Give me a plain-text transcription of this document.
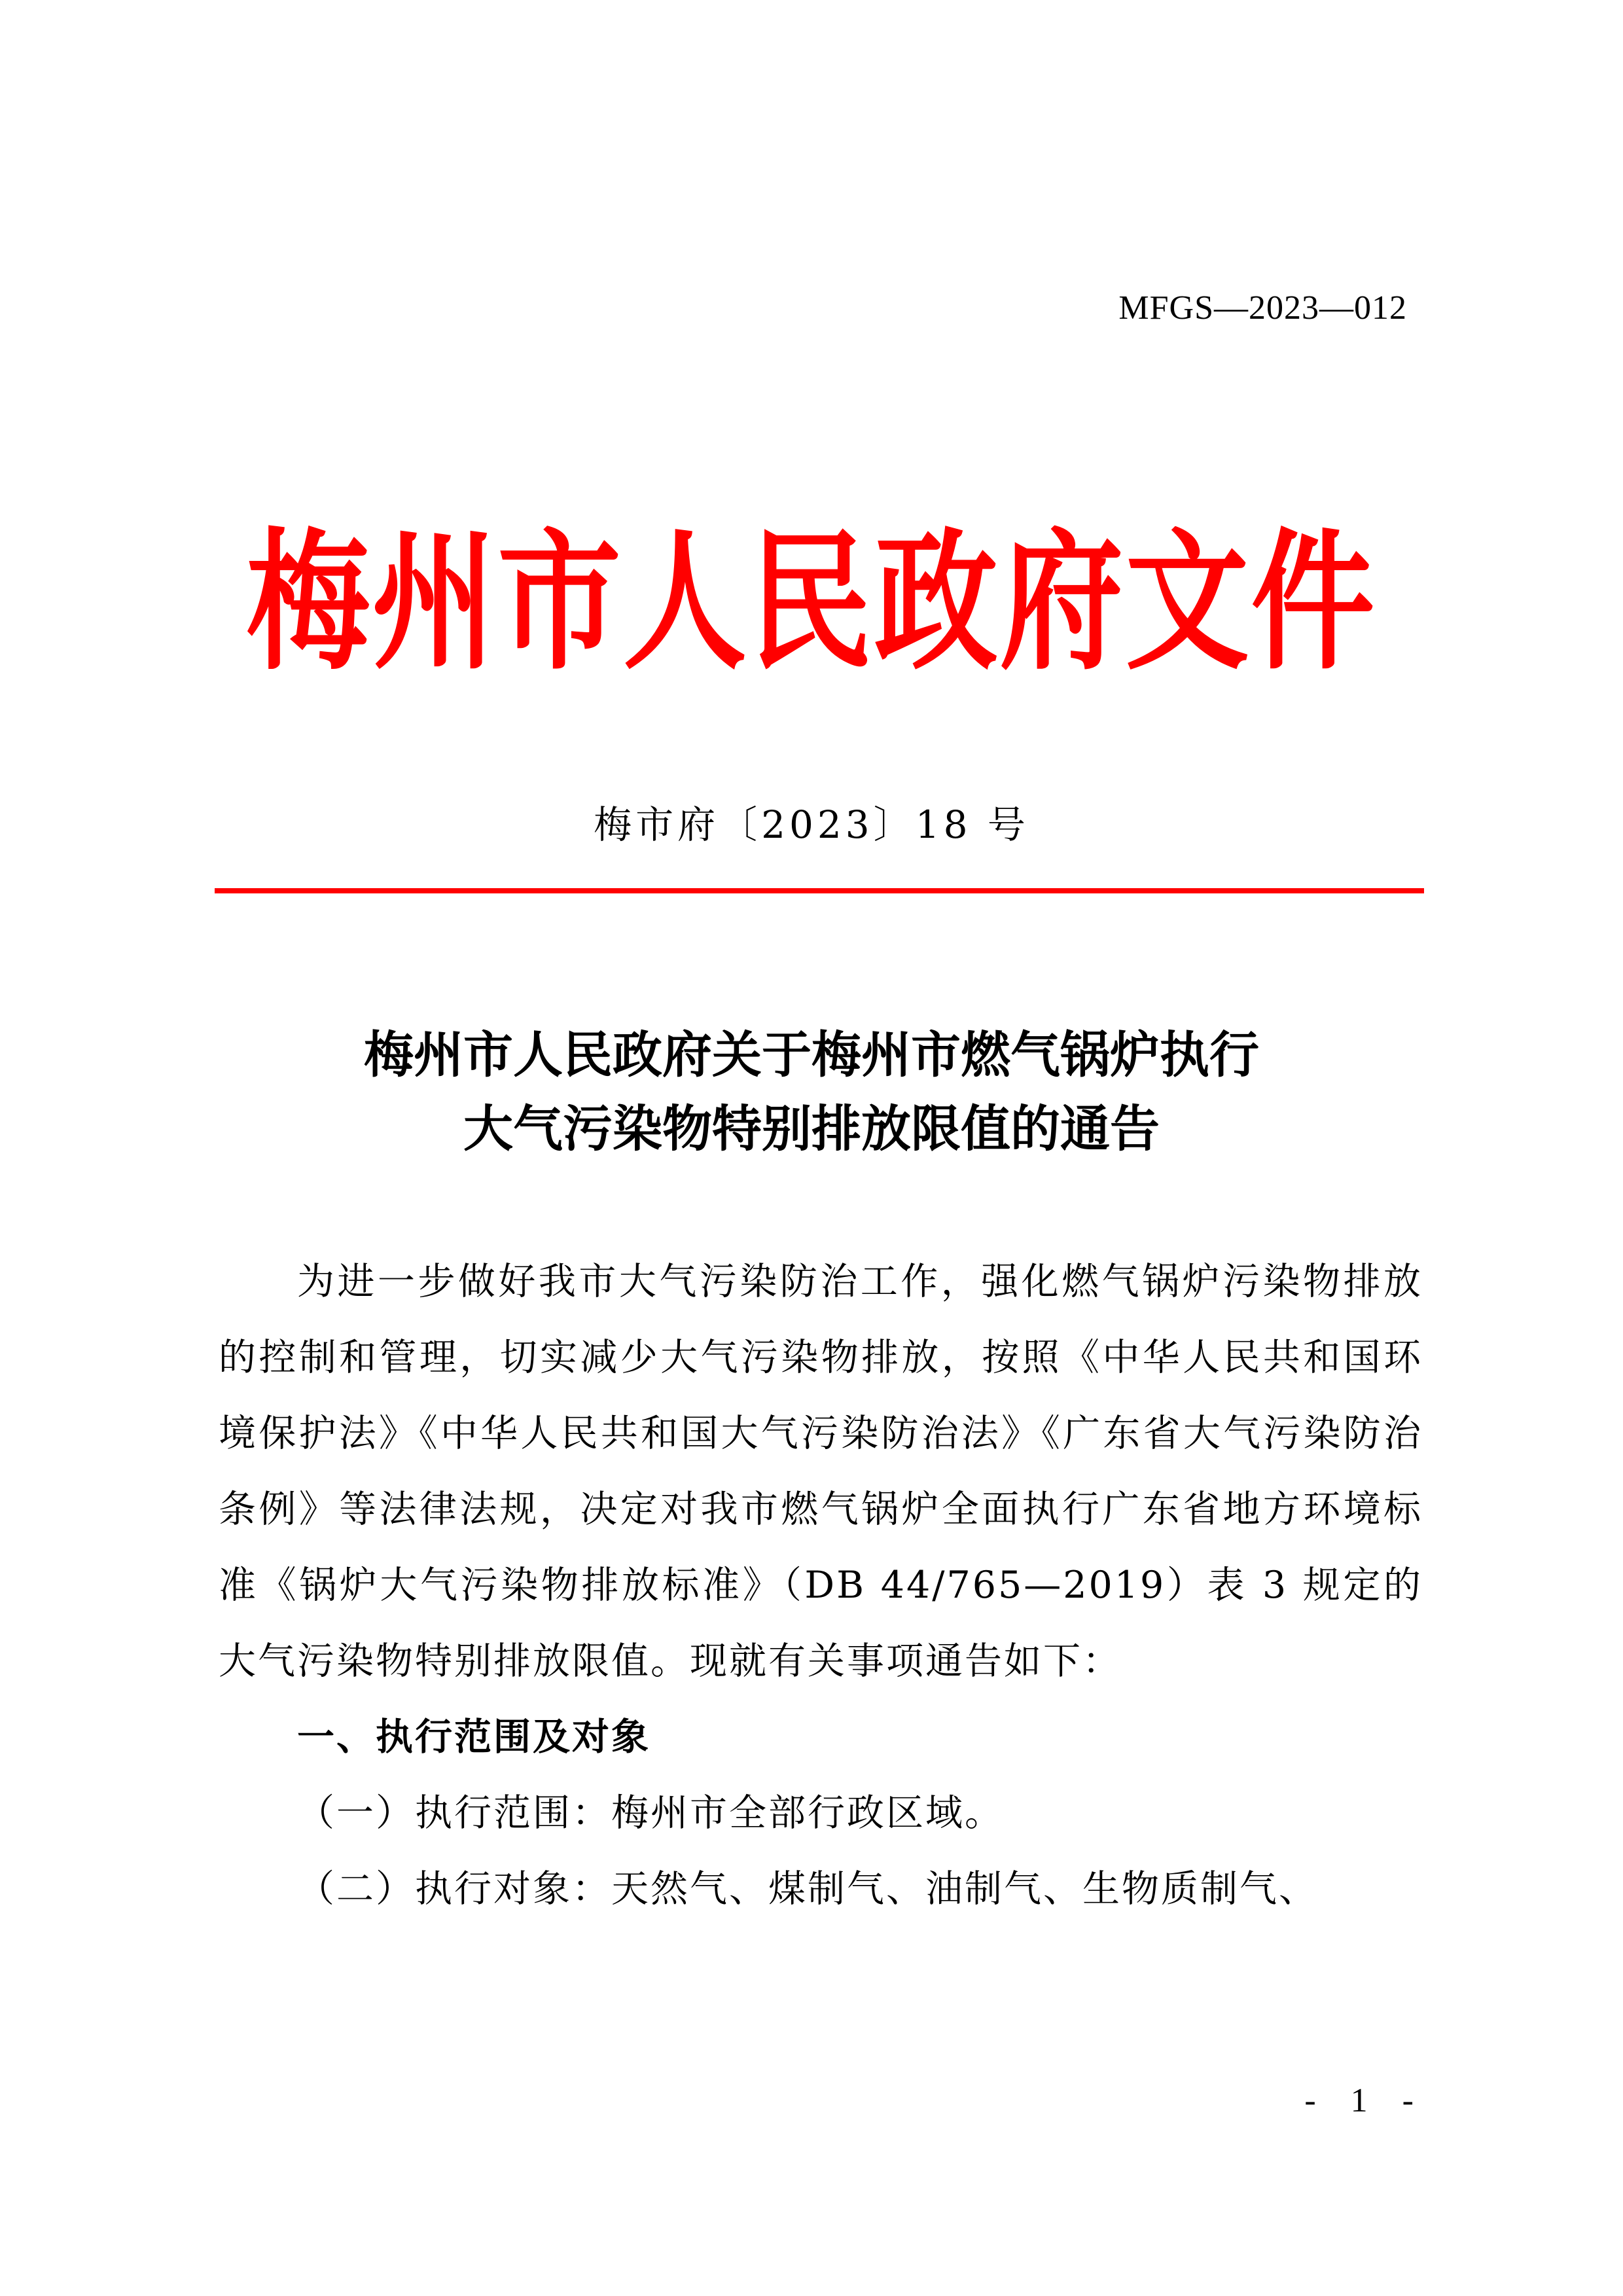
MFGS—2023—012
梅州市人民政府文件
梅市府〔2023〕18 号
梅州市人民政府关于梅州市燃气锅炉执行
大气污染物特别排放限值的通告

为进一步做好我市大气污染防治工作，强化燃气锅炉污染物排放的控制和管理，切实减少大气污染物排放，按照《中华人民共和国环境保护法》《中华人民共和国大气污染防治法》《广东省大气污染防治条例》等法律法规，决定对我市燃气锅炉全面执行广东省地方环境标准《锅炉大气污染物排放标准》（DB 44/765—2019）表 3 规定的大气污染物特别排放限值。现就有关事项通告如下：

一、执行范围及对象

（一）执行范围：梅州市全部行政区域。

（二）执行对象：天然气、煤制气、油制气、生物质制气、

- 1 -
